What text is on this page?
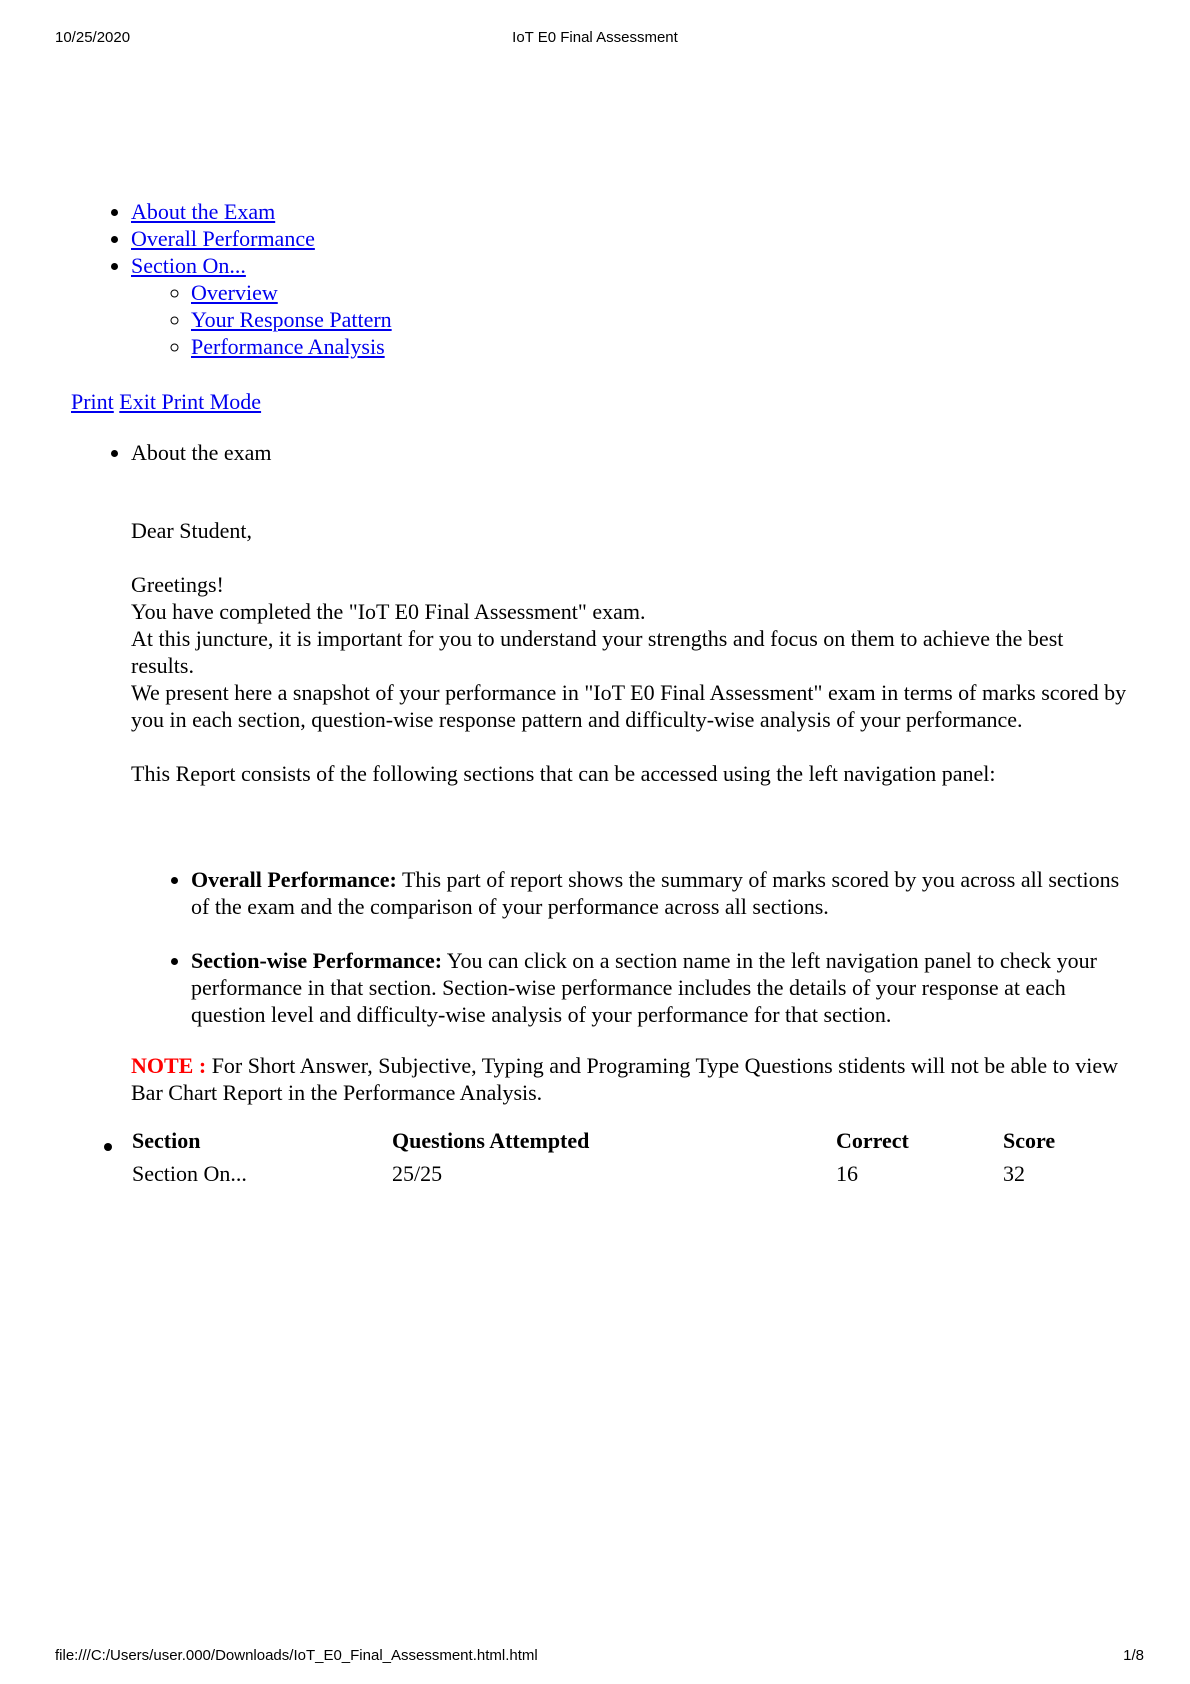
10/25/2020	IoT E0 Final Assessment
• About the Exam
• Overall Performance
• Section On...
◦ Overview
◦ Your Response Pattern
◦ Performance Analysis
Print Exit Print Mode
• About the exam

Dear Student,

Greetings!

You have completed the "IoT E0 Final Assessment" exam.

At this juncture, it is important for you to understand your strengths and focus on them to achieve the best results.

We present here a snapshot of your performance in "IoT E0 Final Assessment" exam in terms of marks scored by you in each section, question-wise response pattern and difficulty-wise analysis of your performance.

This Report consists of the following sections that can be accessed using the left navigation panel:

• Overall Performance: This part of report shows the summary of marks scored by you across all sections of the exam and the comparison of your performance across all sections.
• Section-wise Performance: You can click on a section name in the left navigation panel to check your performance in that section. Section-wise performance includes the details of your response at each question level and difficulty-wise analysis of your performance for that section.
NOTE : For Short Answer, Subjective, Typing and Programing Type Questions stidents will not be able to view Bar Chart Report in the Performance Analysis.
Section	Questions Attempted	Correct	Score
Section On...	25/25	16	32
file:///C:/Users/user.000/Downloads/IoT_E0_Final_Assessment.html.html	1/8
